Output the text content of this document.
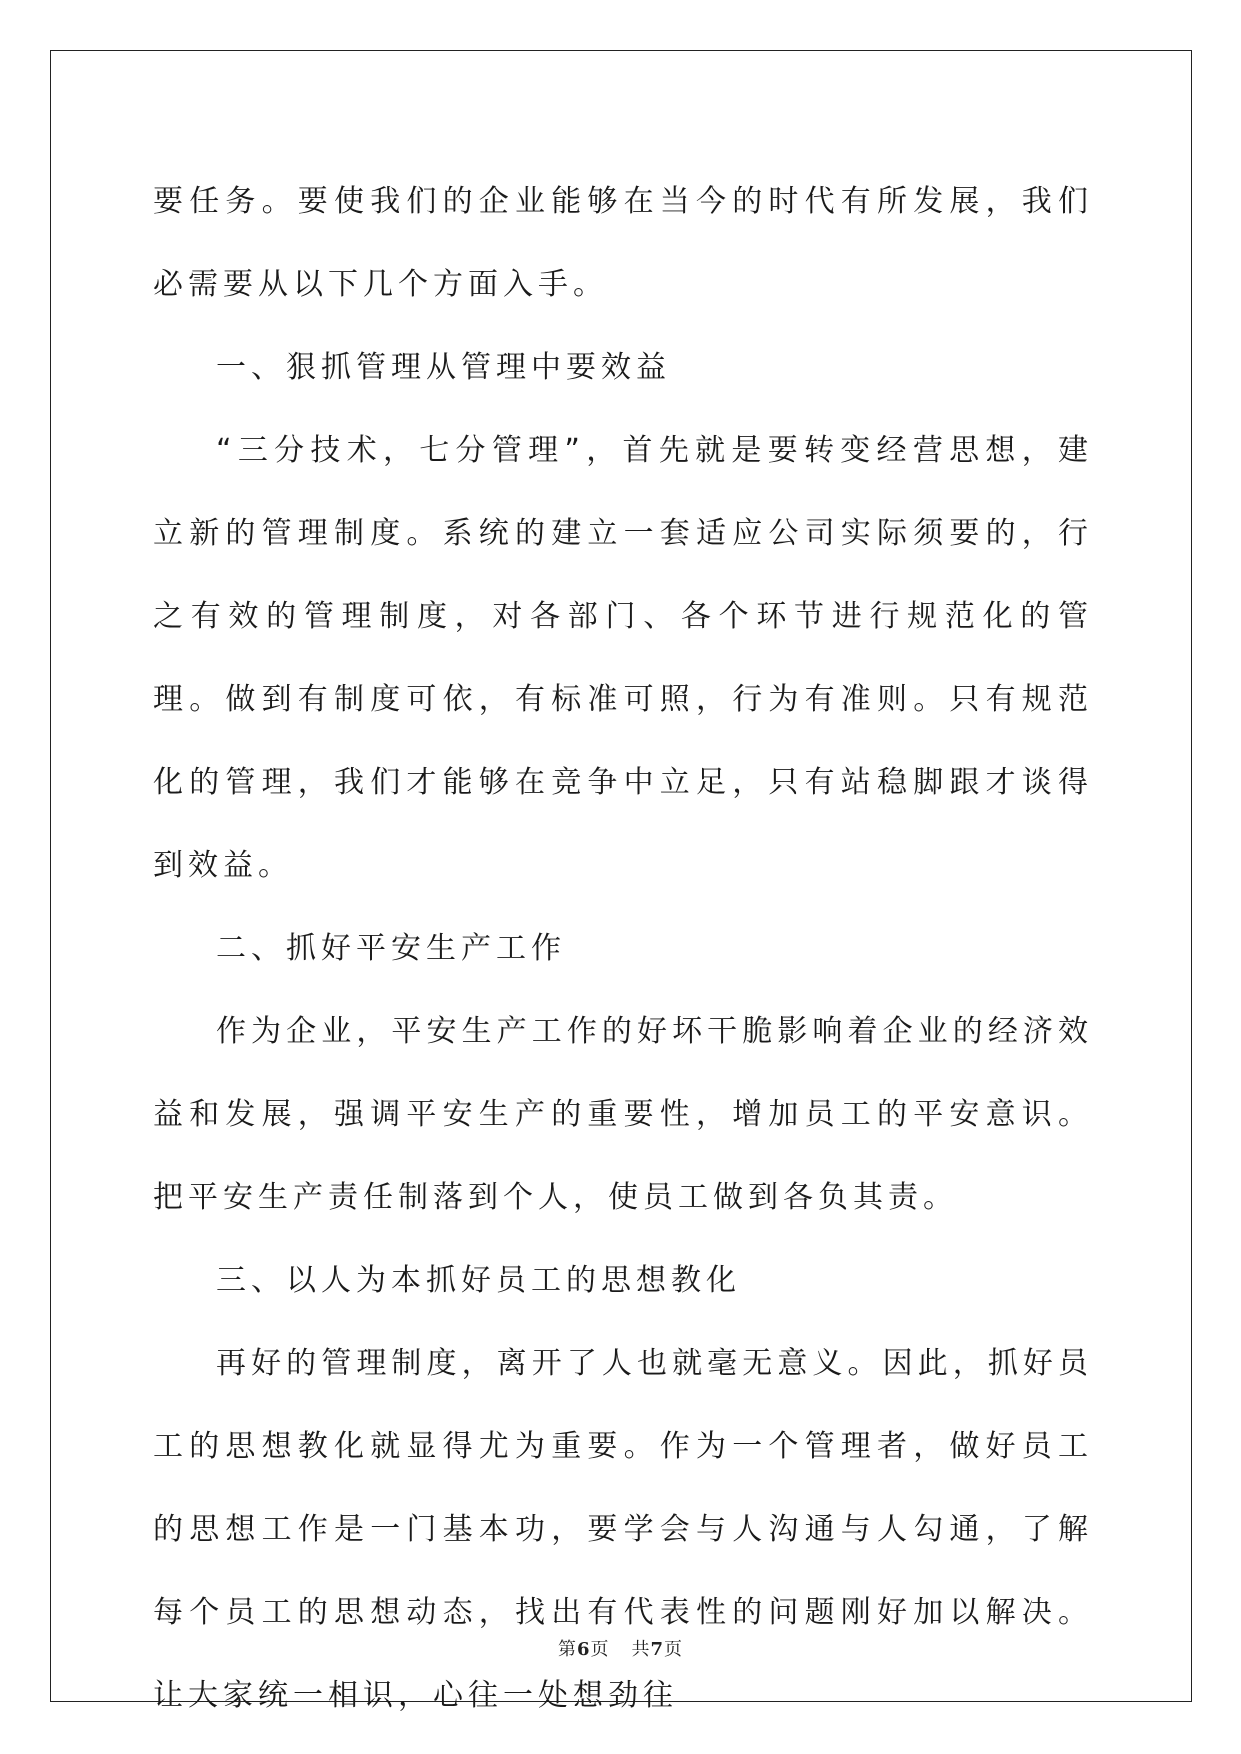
要任务。要使我们的企业能够在当今的时代有所发展，我们必需要从以下几个方面入手。

一、狠抓管理从管理中要效益

“三分技术，七分管理”，首先就是要转变经营思想，建立新的管理制度。系统的建立一套适应公司实际须要的，行之有效的管理制度，对各部门、各个环节进行规范化的管理。做到有制度可依，有标准可照，行为有准则。只有规范化的管理，我们才能够在竞争中立足，只有站稳脚跟才谈得到效益。

二、抓好平安生产工作

作为企业，平安生产工作的好坏干脆影响着企业的经济效益和发展，强调平安生产的重要性，增加员工的平安意识。把平安生产责任制落到个人，使员工做到各负其责。

三、以人为本抓好员工的思想教化

再好的管理制度，离开了人也就毫无意义。因此，抓好员工的思想教化就显得尤为重要。作为一个管理者，做好员工的思想工作是一门基本功，要学会与人沟通与人勾通，了解每个员工的思想动态，找出有代表性的问题刚好加以解决。让大家统一相识，心往一处想劲往

第6页 共7页
